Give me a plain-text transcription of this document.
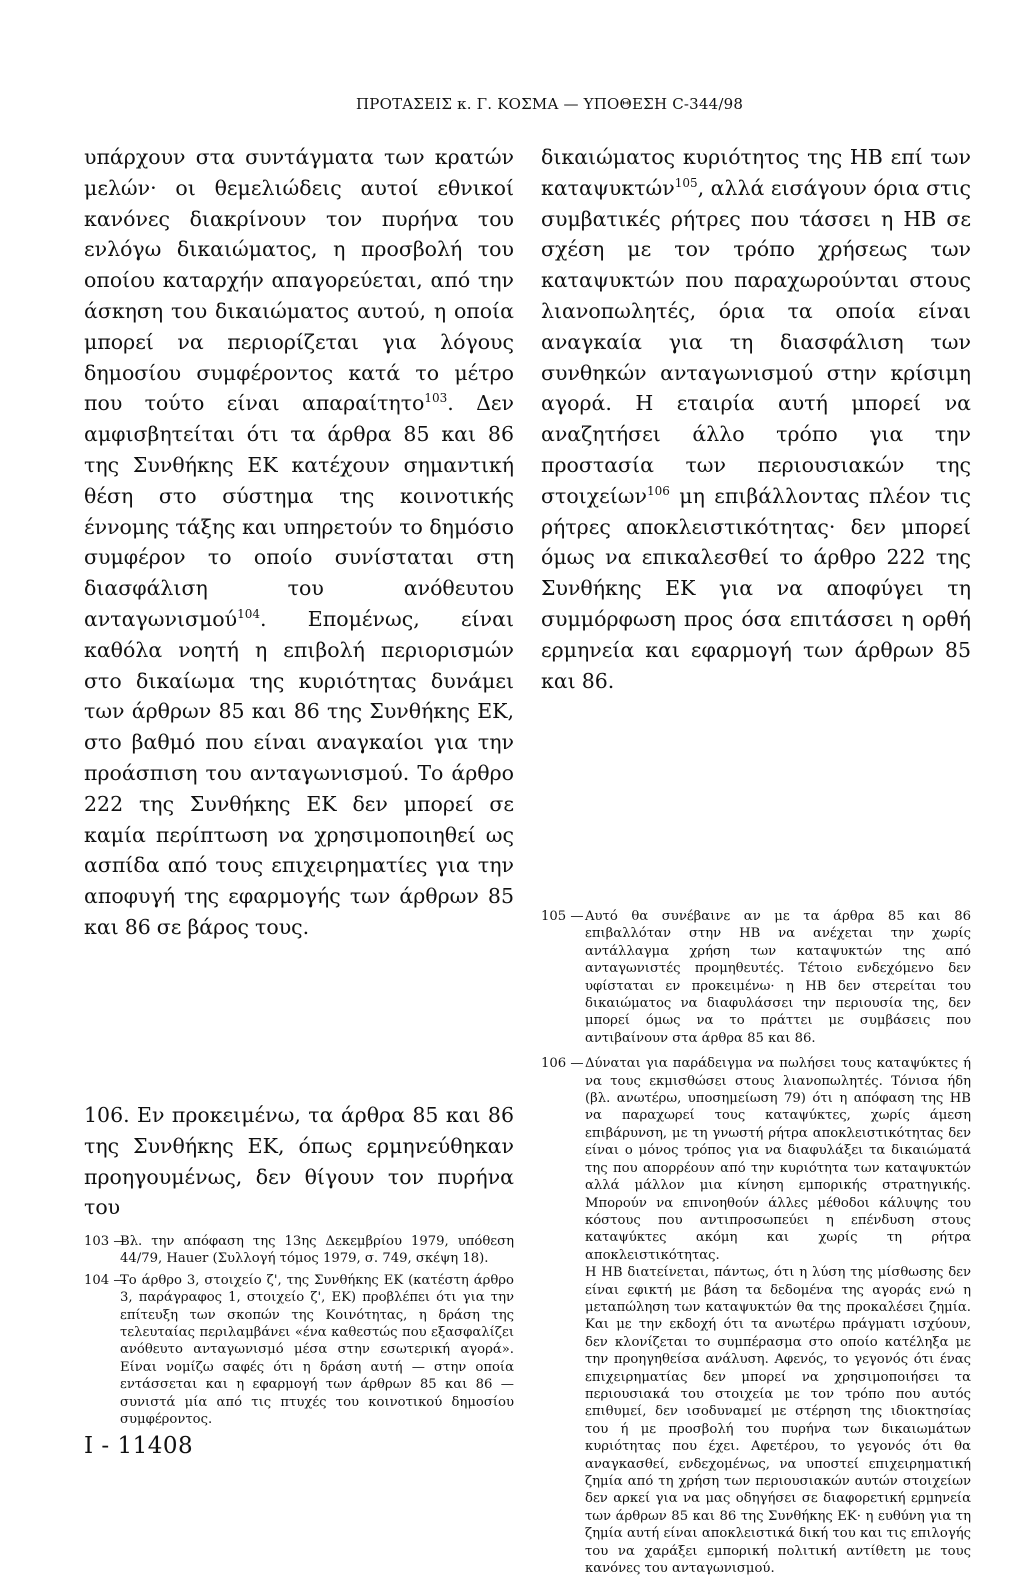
ΠΡΟΤΑΣΕΙΣ κ. Γ. ΚΟΣΜΑ — ΥΠΟΘΕΣΗ C-344/98

υπάρχουν στα συντάγματα των κρατών μελών· οι θεμελιώδεις αυτοί εθνικοί κανόνες διακρίνουν τον πυρήνα του ενλόγω δικαιώματος, η προσβολή του οποίου καταρχήν απαγορεύεται, από την άσκηση του δικαιώματος αυτού, η οποία μπορεί να περιορίζεται για λόγους δημοσίου συμφέροντος κατά το μέτρο που τούτο είναι απαραίτητο$^{103}$. Δεν αμφισβητείται ότι τα άρθρα 85 και 86 της Συνθήκης ΕΚ κατέχουν σημαντική θέση στο σύστημα της κοινοτικής έννομης τάξης και υπηρετούν το δημόσιο συμφέρον το οποίο συνίσταται στη διασφάλιση του ανόθευτου ανταγωνισμού$^{104}$. Επομένως, είναι καθόλα νοητή η επιβολή περιορισμών στο δικαίωμα της κυριότητας δυνάμει των άρθρων 85 και 86 της Συνθήκης ΕΚ, στο βαθμό που είναι αναγκαίοι για την προάσπιση του ανταγωνισμού. Το άρθρο 222 της Συνθήκης ΕΚ δεν μπορεί σε καμία περίπτωση να χρησιμοποιηθεί ως ασπίδα από τους επιχειρηματίες για την αποφυγή της εφαρμογής των άρθρων 85 και 86 σε βάρος τους.

δικαιώματος κυριότητος της ΗΒ επί των καταψυκτών$^{105}$, αλλά εισάγουν όρια στις συμβατικές ρήτρες που τάσσει η ΗΒ σε σχέση με τον τρόπο χρήσεως των καταψυκτών που παραχωρούνται στους λιανοπωλητές, όρια τα οποία είναι αναγκαία για τη διασφάλιση των συνθηκών ανταγωνισμού στην κρίσιμη αγορά. Η εταιρία αυτή μπορεί να αναζητήσει άλλο τρόπο για την προστασία των περιουσιακών της στοιχείων$^{106}$ μη επιβάλλοντας πλέον τις ρήτρες αποκλειστικότητας· δεν μπορεί όμως να επικαλεσθεί το άρθρο 222 της Συνθήκης ΕΚ για να αποφύγει τη συμμόρφωση προς όσα επιτάσσει η ορθή ερμηνεία και εφαρμογή των άρθρων 85 και 86.

106. Εν προκειμένω, τα άρθρα 85 και 86 της Συνθήκης ΕΚ, όπως ερμηνεύθηκαν προηγουμένως, δεν θίγουν τον πυρήνα του

103 —
Βλ. την απόφαση της 13ης Δεκεμβρίου 1979, υπόθεση 44/79, Hauer (Συλλογή τόμος 1979, σ. 749, σκέψη 18).
104 —
Το άρθρο 3, στοιχείο ζ', της Συνθήκης ΕΚ (κατέστη άρθρο 3, παράγραφος 1, στοιχείο ζ', ΕΚ) προβλέπει ότι για την επίτευξη των σκοπών της Κοινότητας, η δράση της τελευταίας περιλαμβάνει «ένα καθεστώς που εξασφαλίζει ανόθευτο ανταγωνισμό μέσα στην εσωτερική αγορά». Είναι νομίζω σαφές ότι η δράση αυτή — στην οποία εντάσσεται και η εφαρμογή των άρθρων 85 και 86 — συνιστά μία από τις πτυχές του κοινοτικού δημοσίου συμφέροντος.
105 — Αυτό θα συνέβαινε αν με τα άρθρα 85 και 86 επιβαλλόταν στην ΗΒ να ανέχεται την χωρίς αντάλλαγμα χρήση των καταψυκτών της από ανταγωνιστές προμηθευτές. Τέτοιο ενδεχόμενο δεν υφίσταται εν προκειμένω· η ΗΒ δεν στερείται του δικαιώματος να διαφυλάσσει την περιουσία της, δεν μπορεί όμως να το πράττει με συμβάσεις που αντιβαίνουν στα άρθρα 85 και 86.
106 — Δύναται για παράδειγμα να πωλήσει τους καταψύκτες ή να τους εκμισθώσει στους λιανοπωλητές. Τόνισα ήδη (βλ. ανωτέρω, υποσημείωση 79) ότι η απόφαση της ΗΒ να παραχωρεί τους καταψύκτες, χωρίς άμεση επιβάρυνση, με τη γνωστή ρήτρα αποκλειστικότητας δεν είναι ο μόνος τρόπος για να διαφυλάξει τα δικαιώματά της που απορρέουν από την κυριότητα των καταψυκτών αλλά μάλλον μια κίνηση εμπορικής στρατηγικής. Μπορούν να επινοηθούν άλλες μέθοδοι κάλυψης του κόστους που αντιπροσωπεύει η επένδυση στους καταψύκτες ακόμη και χωρίς τη ρήτρα αποκλειστικότητας.
Η ΗΒ διατείνεται, πάντως, ότι η λύση της μίσθωσης δεν είναι εφικτή με βάση τα δεδομένα της αγοράς ενώ η μεταπώληση των καταψυκτών θα της προκαλέσει ζημία. Και με την εκδοχή ότι τα ανωτέρω πράγματι ισχύουν, δεν κλονίζεται το συμπέρασμα στο οποίο κατέληξα με την προηγηθείσα ανάλυση. Αφενός, το γεγονός ότι ένας επιχειρηματίας δεν μπορεί να χρησιμοποιήσει τα περιουσιακά του στοιχεία με τον τρόπο που αυτός επιθυμεί, δεν ισοδυναμεί με στέρηση της ιδιοκτησίας του ή με προσβολή του πυρήνα των δικαιωμάτων κυριότητας που έχει. Αφετέρου, το γεγονός ότι θα αναγκασθεί, ενδεχομένως, να υποστεί επιχειρηματική ζημία από τη χρήση των περιουσιακών αυτών στοιχείων δεν αρκεί για να μας οδηγήσει σε διαφορετική ερμηνεία των άρθρων 85 και 86 της Συνθήκης ΕΚ· η ευθύνη για τη ζημία αυτή είναι αποκλειστικά δική του και τις επιλογής του να χαράξει εμπορική πολιτική αντίθετη με τους κανόνες του ανταγωνισμού.
I - 11408
